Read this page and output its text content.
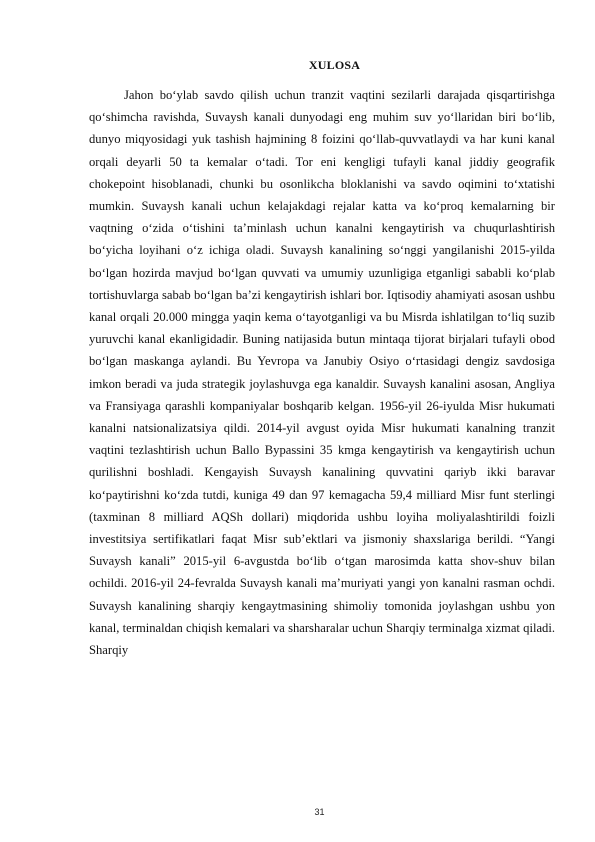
XULOSA

Jahon bo‘ylab savdo qilish uchun tranzit vaqtini sezilarli darajada qisqartirishga qo‘shimcha ravishda, Suvaysh kanali dunyodagi eng muhim suv yo‘llaridan biri bo‘lib, dunyo miqyosidagi yuk tashish hajmining 8 foizini qo‘llab-quvvatlaydi va har kuni kanal orqali deyarli 50 ta kemalar o‘tadi. Tor eni kengligi tufayli kanal jiddiy geografik chokepoint hisoblanadi, chunki bu osonlikcha bloklanishi va savdo oqimini to‘xtatishi mumkin. Suvaysh kanali uchun kelajakdagi rejalar katta va ko‘proq kemalarning bir vaqtning o‘zida o‘tishini ta’minlash uchun kanalni kengaytirish va chuqurlashtirish bo‘yicha loyihani o‘z ichiga oladi. Suvaysh kanalining so‘nggi yangilanishi 2015-yilda bo‘lgan hozirda mavjud bo‘lgan quvvati va umumiy uzunligiga etganligi sababli ko‘plab tortishuvlarga sabab bo‘lgan ba’zi kengaytirish ishlari bor. Iqtisodiy ahamiyati asosan ushbu kanal orqali 20.000 mingga yaqin kema o‘tayotganligi va bu Misrda ishlatilgan to‘liq suzib yuruvchi kanal ekanligidadir. Buning natijasida butun mintaqa tijorat birjalari tufayli obod bo‘lgan maskanga aylandi. Bu Yevropa va Janubiy Osiyo o‘rtasidagi dengiz savdosiga imkon beradi va juda strategik joylashuvga ega kanaldir. Suvaysh kanalini asosan, Angliya va Fransiyaga qarashli kompaniyalar boshqarib kelgan. 1956-yil 26-iyulda Misr hukumati kanalni natsionalizatsiya qildi. 2014-yil avgust oyida Misr hukumati kanalning tranzit vaqtini tezlashtirish uchun Ballo Bypassini 35 kmga kengaytirish va kengaytirish uchun qurilishni boshladi. Kengayish Suvaysh kanalining quvvatini qariyb ikki baravar ko‘paytirishni ko‘zda tutdi, kuniga 49 dan 97 kemagacha 59,4 milliard Misr funt sterlingi (taxminan 8 milliard AQSh dollari) miqdorida ushbu loyiha moliyalashtirildi foizli investitsiya sertifikatlari faqat Misr sub’ektlari va jismoniy shaxslariga berildi. “Yangi Suvaysh kanali” 2015-yil 6-avgustda bo‘lib o‘tgan marosimda katta shov-shuv bilan ochildi. 2016-yil 24-fevralda Suvaysh kanali ma’muriyati yangi yon kanalni rasman ochdi. Suvaysh kanalining sharqiy kengaytmasining shimoliy tomonida joylashgan ushbu yon kanal, terminaldan chiqish kemalari va sharsharalar uchun Sharqiy terminalga xizmat qiladi. Sharqiy

31
